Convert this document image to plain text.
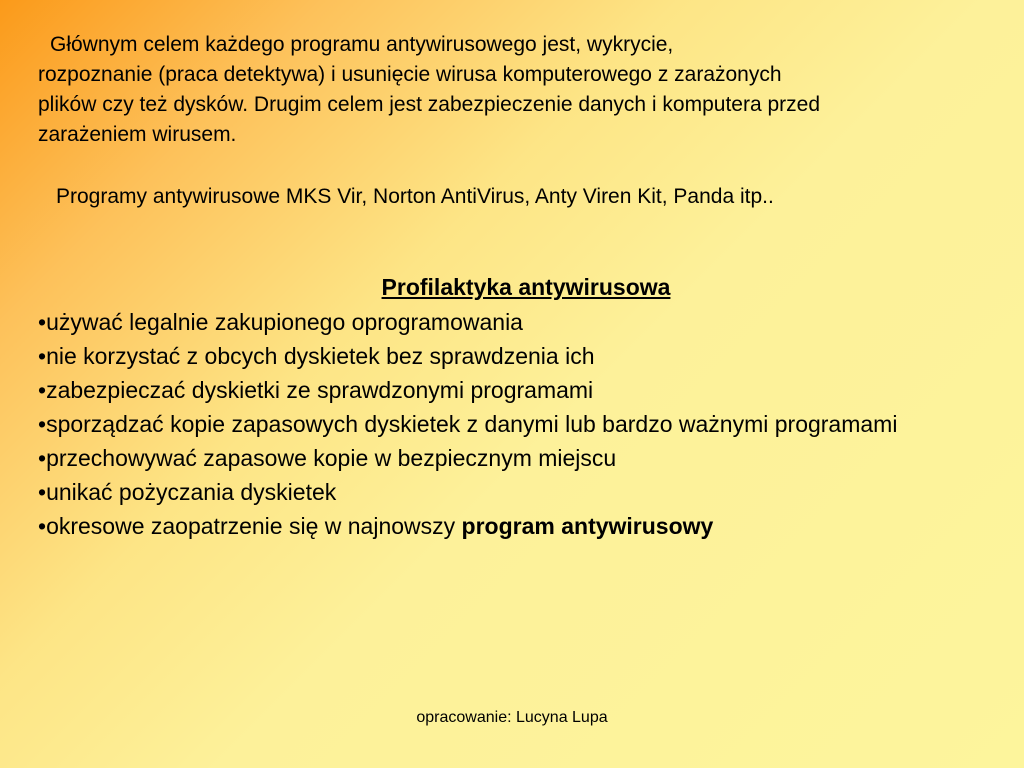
Głównym celem każdego programu antywirusowego jest, wykrycie,
rozpoznanie (praca detektywa) i usunięcie wirusa komputerowego z zarażonych
plików czy też dysków. Drugim celem jest zabezpieczenie danych i komputera przed
zarażeniem wirusem.

Programy antywirusowe MKS Vir, Norton AntiVirus, Anty Viren Kit, Panda itp..

Profilaktyka antywirusowa

•używać legalnie zakupionego oprogramowania
•nie korzystać z obcych dyskietek bez sprawdzenia ich
•zabezpieczać dyskietki ze sprawdzonymi programami
•sporządzać kopie zapasowych dyskietek z danymi lub bardzo ważnymi programami
•przechowywać zapasowe kopie w bezpiecznym miejscu
•unikać pożyczania dyskietek
•okresowe zaopatrzenie się w najnowszy program antywirusowy

opracowanie: Lucyna Lupa
